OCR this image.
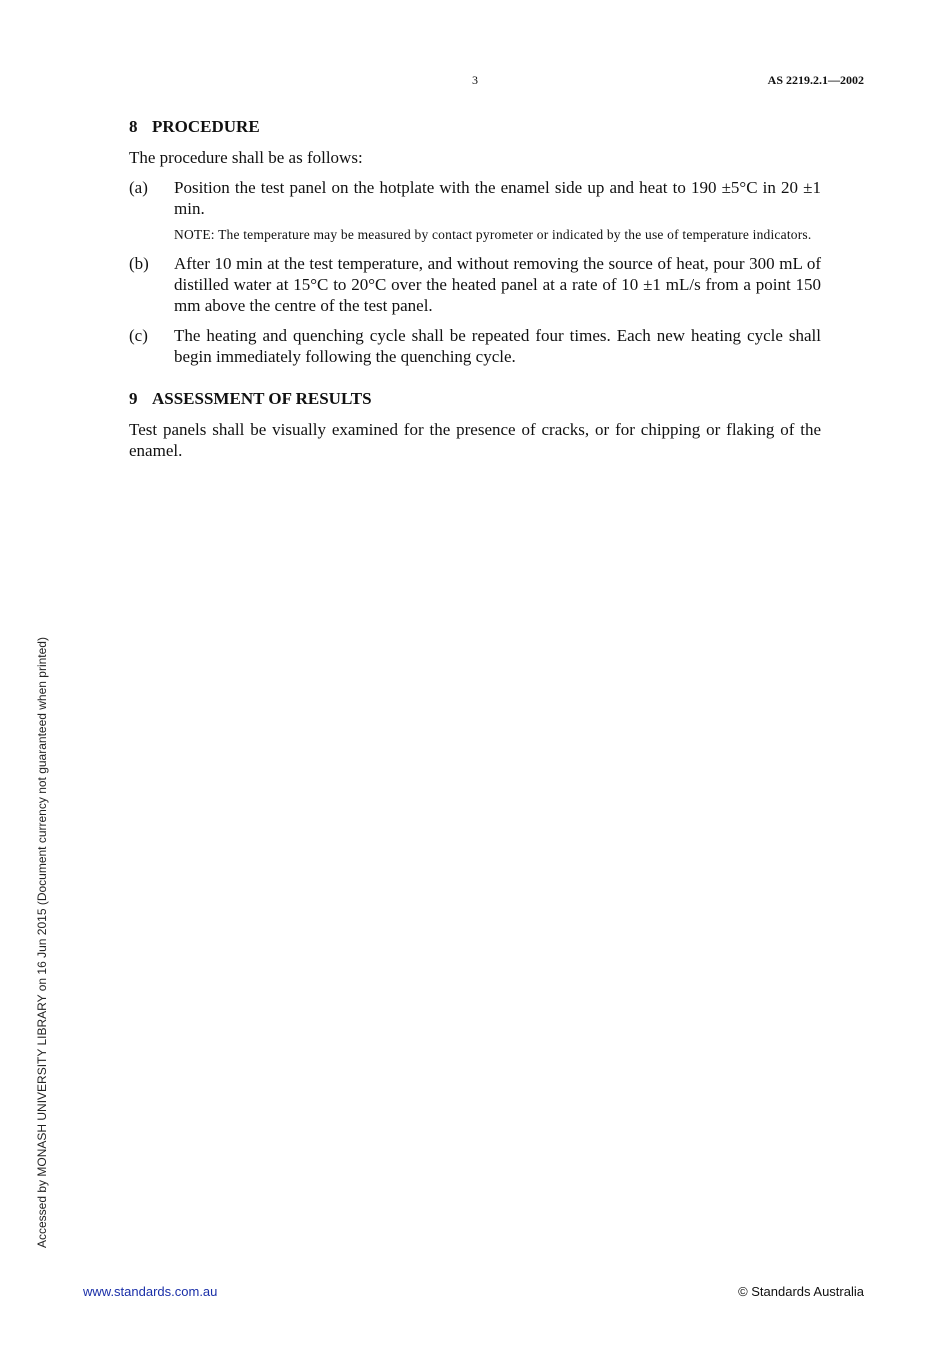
3	AS 2219.2.1—2002
8 PROCEDURE

The procedure shall be as follows:

(a)	Position the test panel on the hotplate with the enamel side up and heat to 190 ±5°C in 20 ±1 min.

NOTE: The temperature may be measured by contact pyrometer or indicated by the use of temperature indicators.

(b)	After 10 min at the test temperature, and without removing the source of heat, pour 300 mL of distilled water at 15°C to 20°C over the heated panel at a rate of 10 ±1 mL/s from a point 150 mm above the centre of the test panel.

(c)	The heating and quenching cycle shall be repeated four times. Each new heating cycle shall begin immediately following the quenching cycle.

9 ASSESSMENT OF RESULTS

Test panels shall be visually examined for the presence of cracks, or for chipping or flaking of the enamel.

Accessed by MONASH UNIVERSITY LIBRARY on 16 Jun 2015 (Document currency not guaranteed when printed)
www.standards.com.au	© Standards Australia
